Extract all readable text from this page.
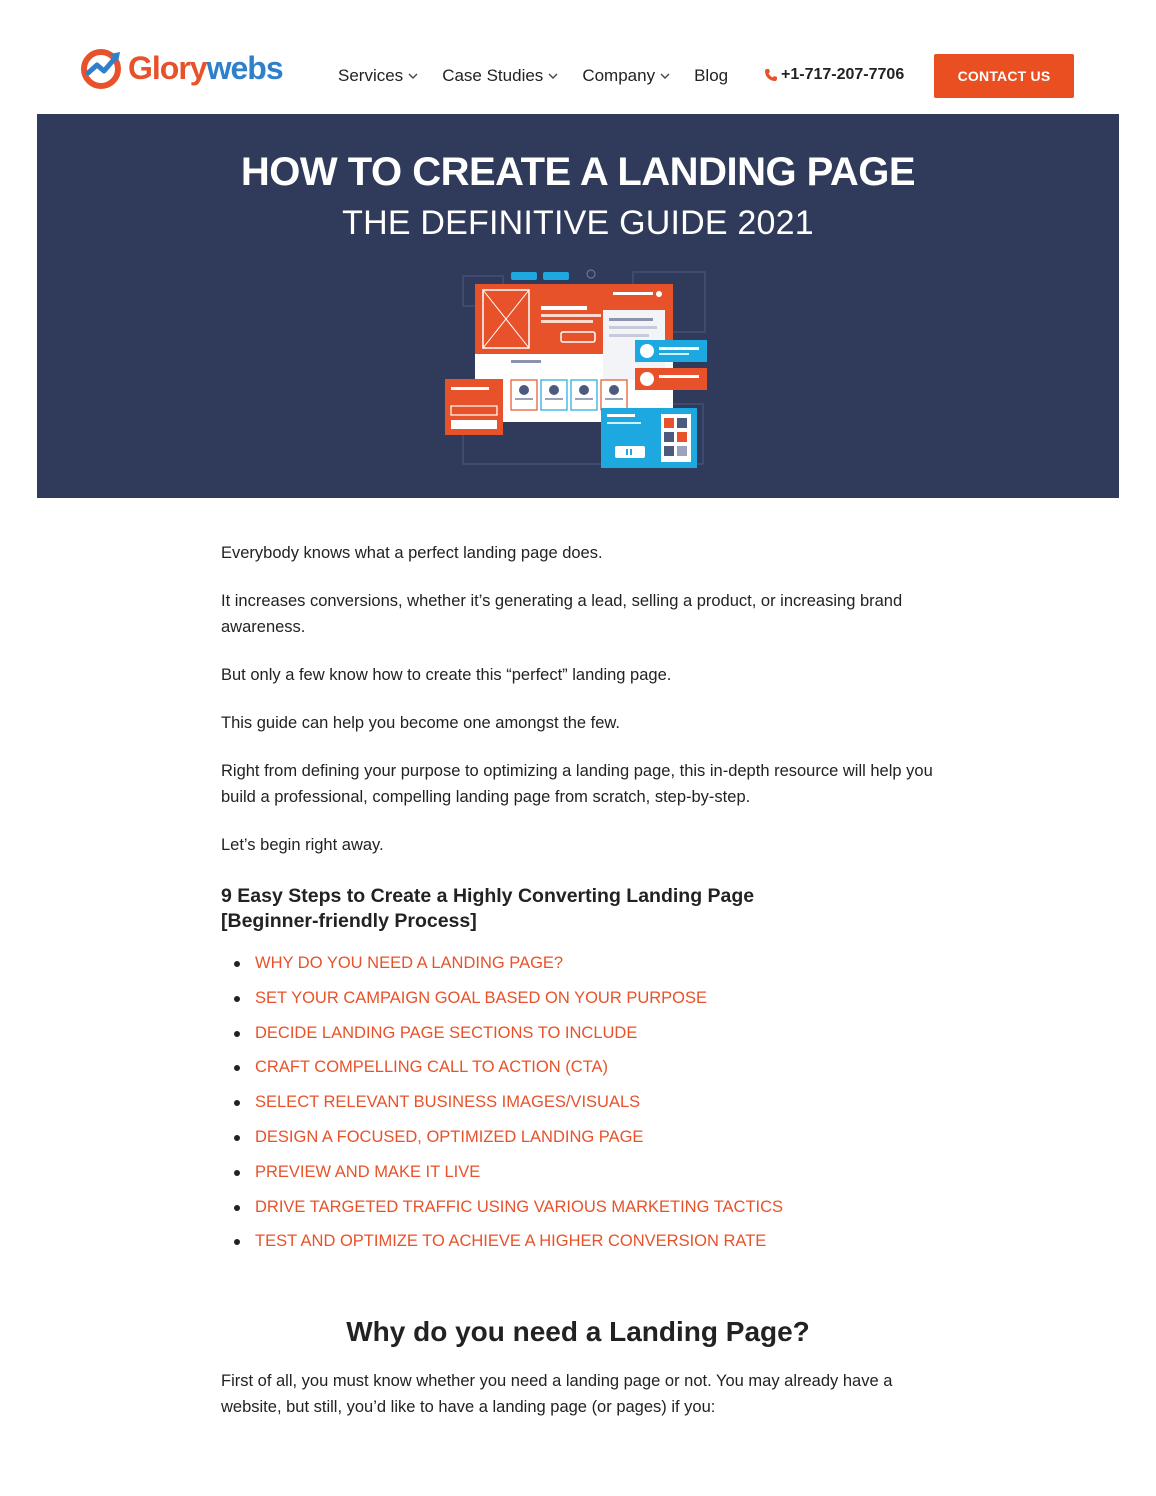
Glorywebs	Services Case Studies Company Blog	+1-717-207-7706	CONTACT US
HOW TO CREATE A LANDING PAGE
THE DEFINITIVE GUIDE 2021

Everybody knows what a perfect landing page does.

It increases conversions, whether it’s generating a lead, selling a product, or increasing brand awareness.

But only a few know how to create this “perfect” landing page.

This guide can help you become one amongst the few.

Right from defining your purpose to optimizing a landing page, this in-depth resource will help you build a professional, compelling landing page from scratch, step-by-step.

Let’s begin right away.

9 Easy Steps to Create a Highly Converting Landing Page [Beginner-friendly Process]
WHY DO YOU NEED A LANDING PAGE?
SET YOUR CAMPAIGN GOAL BASED ON YOUR PURPOSE
DECIDE LANDING PAGE SECTIONS TO INCLUDE
CRAFT COMPELLING CALL TO ACTION (CTA)
SELECT RELEVANT BUSINESS IMAGES/VISUALS
DESIGN A FOCUSED, OPTIMIZED LANDING PAGE
PREVIEW AND MAKE IT LIVE
DRIVE TARGETED TRAFFIC USING VARIOUS MARKETING TACTICS
TEST AND OPTIMIZE TO ACHIEVE A HIGHER CONVERSION RATE
Why do you need a Landing Page?

First of all, you must know whether you need a landing page or not. You may already have a website, but still, you’d like to have a landing page (or pages) if you:
